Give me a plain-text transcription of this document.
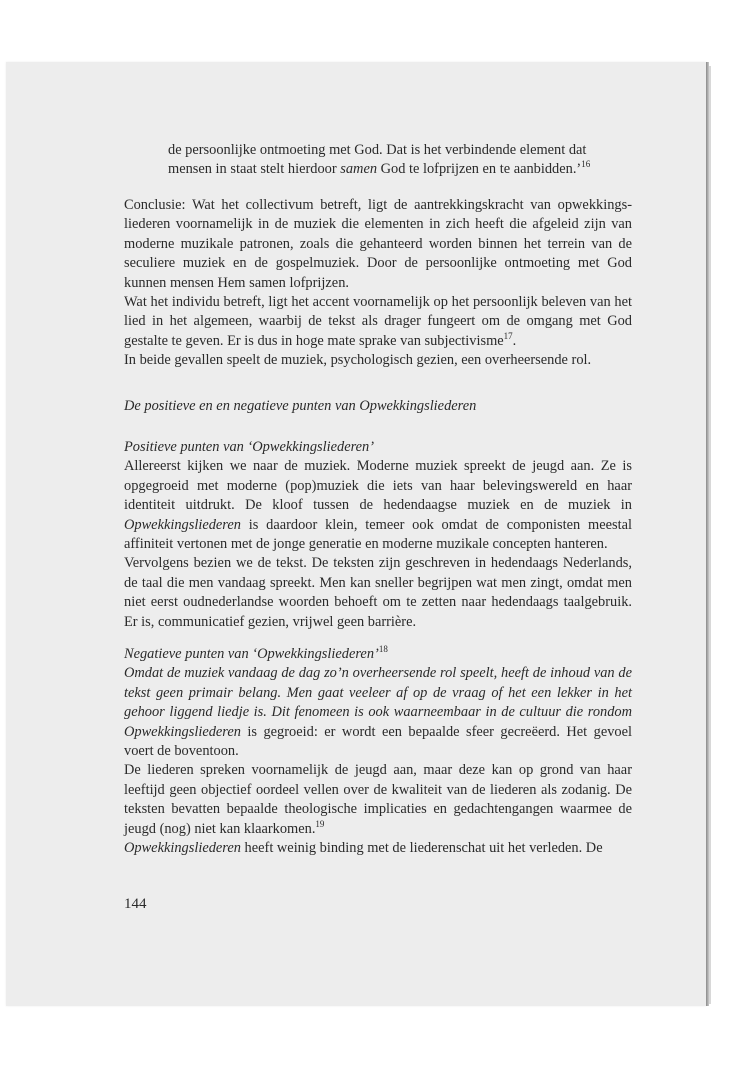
de persoonlijke ontmoeting met God. Dat is het verbindende element dat

mensen in staat stelt hierdoor samen God te lofprijzen en te aanbidden.’$^{16}$

Conclusie: Wat het collectivum betreft, ligt de aantrekkingskracht van opwekkingsliederen voornamelijk in de muziek die elementen in zich heeft die afgeleid zijn van moderne muzikale patronen, zoals die gehanteerd worden binnen het terrein van de seculiere muziek en de gospelmuziek. Door de persoonlijke ontmoeting met God kunnen mensen Hem samen lofprijzen.

Wat het individu betreft, ligt het accent voornamelijk op het persoonlijk beleven van het lied in het algemeen, waarbij de tekst als drager fungeert om de omgang met God gestalte te geven. Er is dus in hoge mate sprake van subjectivisme$^{17}$.

In beide gevallen speelt de muziek, psychologisch gezien, een overheersende rol.

De positieve en en negatieve punten van Opwekkingsliederen

Positieve punten van ‘Opwekkingsliederen’

Allereerst kijken we naar de muziek. Moderne muziek spreekt de jeugd aan. Ze is opgegroeid met moderne (pop)muziek die iets van haar belevingswereld en haar identiteit uitdrukt. De kloof tussen de hedendaagse muziek en de muziek in Opwekkingsliederen is daardoor klein, temeer ook omdat de componisten meestal affiniteit vertonen met de jonge generatie en moderne muzikale concepten hanteren.

Vervolgens bezien we de tekst. De teksten zijn geschreven in hedendaags Nederlands, de taal die men vandaag spreekt. Men kan sneller begrijpen wat men zingt, omdat men niet eerst oudnederlandse woorden behoeft om te zetten naar hedendaags taalgebruik. Er is, communicatief gezien, vrijwel geen barrière.

Negatieve punten van ‘Opwekkingsliederen’$^{18}$

Omdat de muziek vandaag de dag zo’n overheersende rol speelt, heeft de inhoud van de tekst geen primair belang. Men gaat veeleer af op de vraag of het een lekker in het gehoor liggend liedje is. Dit fenomeen is ook waarneembaar in de cultuur die rondom Opwekkingsliederen is gegroeid: er wordt een bepaalde sfeer gecreëerd. Het gevoel voert de boventoon.

De liederen spreken voornamelijk de jeugd aan, maar deze kan op grond van haar leeftijd geen objectief oordeel vellen over de kwaliteit van de liederen als zodanig. De teksten bevatten bepaalde theologische implicaties en gedachtengangen waarmee de jeugd (nog) niet kan klaarkomen.$^{19}$

Opwekkingsliederen heeft weinig binding met de liederenschat uit het verleden. De

144
